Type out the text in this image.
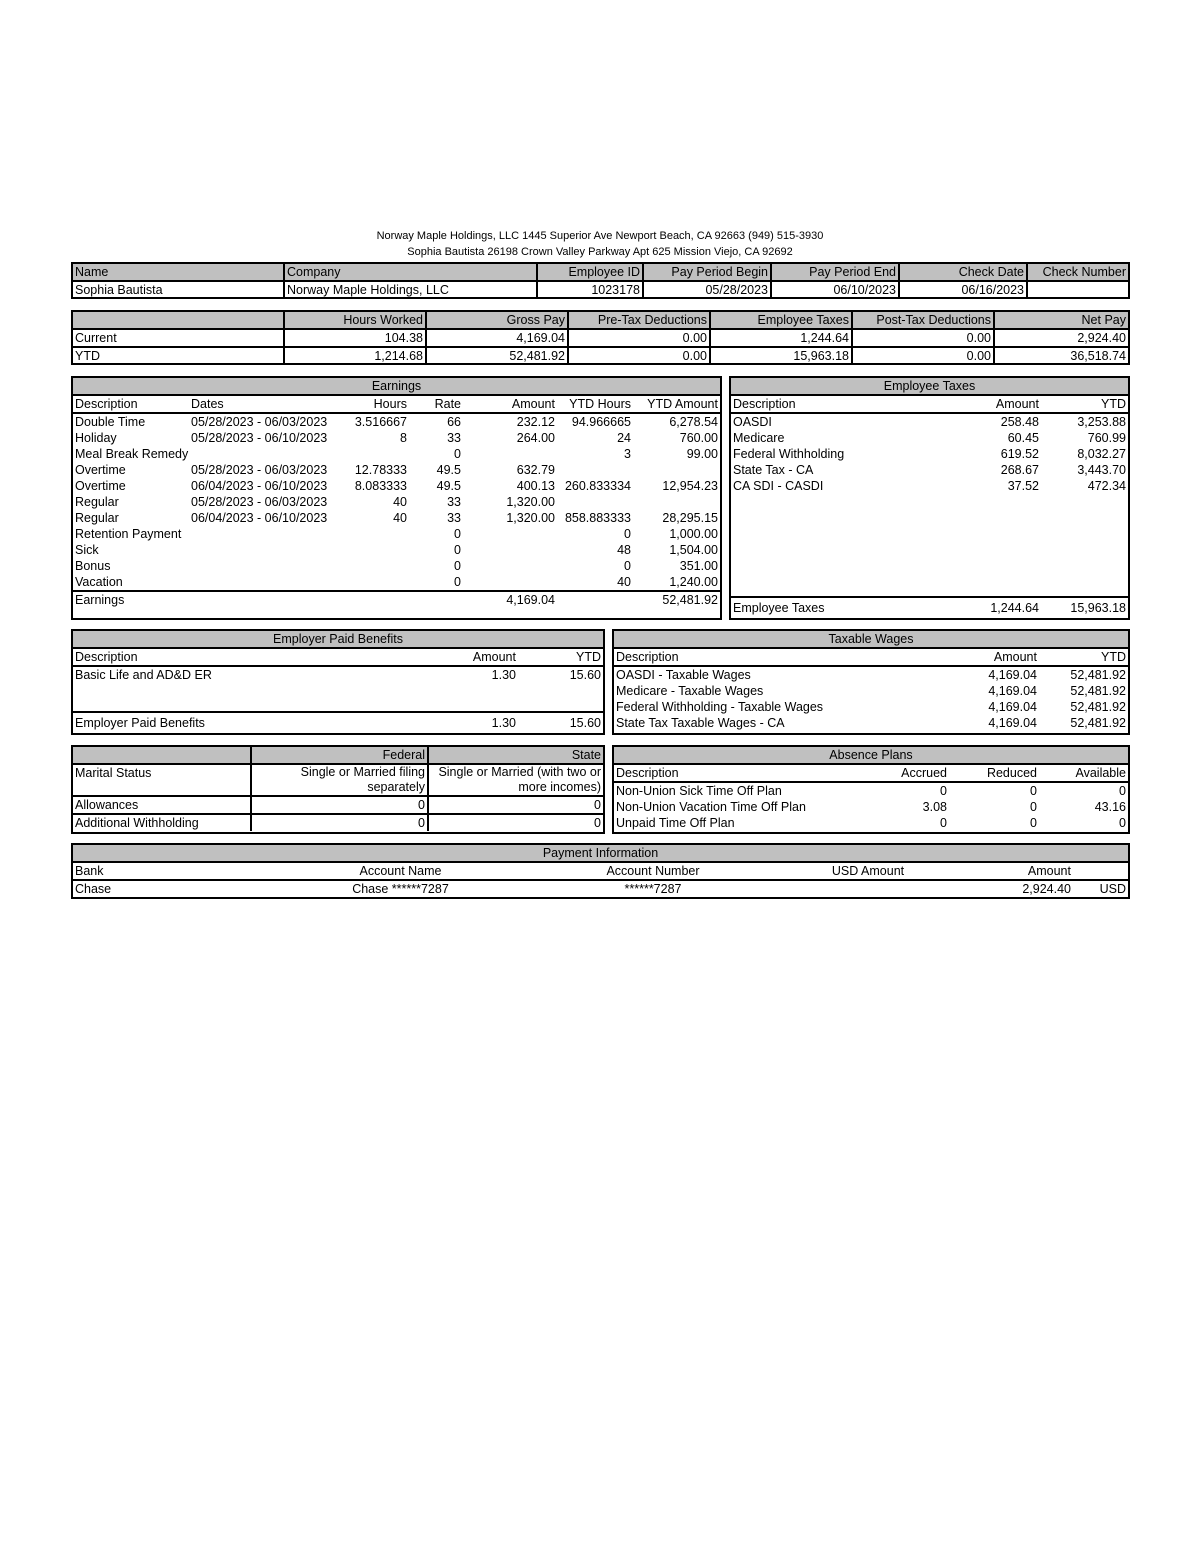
Norway Maple Holdings, LLC 1445 Superior Ave Newport Beach, CA 92663 (949) 515-3930
Sophia Bautista 26198 Crown Valley Parkway Apt 625 Mission Viejo, CA 92692
Name	Company	Employee ID	Pay Period Begin	Pay Period End	Check Date	Check Number
Sophia Bautista	Norway Maple Holdings, LLC	1023178	05/28/2023	06/10/2023	06/16/2023	
	Hours Worked	Gross Pay	Pre-Tax Deductions	Employee Taxes	Post-Tax Deductions	Net Pay
Current	104.38	4,169.04	0.00	1,244.64	0.00	2,924.40
YTD	1,214.68	52,481.92	0.00	15,963.18	0.00	36,518.74
Earnings						
Description	Dates	Hours	Rate	Amount	YTD Hours	YTD Amount
Double Time	05/28/2023 - 06/03/2023	3.516667	66	232.12	94.966665	6,278.54
Holiday	05/28/2023 - 06/10/2023	8	33	264.00	24	760.00
Meal Break Remedy			0		3	99.00
Overtime	05/28/2023 - 06/03/2023	12.78333	49.5	632.79		
Overtime	06/04/2023 - 06/10/2023	8.083333	49.5	400.13	260.833334	12,954.23
Regular	05/28/2023 - 06/03/2023	40	33	1,320.00		
Regular	06/04/2023 - 06/10/2023	40	33	1,320.00	858.883333	28,295.15
Retention Payment			0		0	1,000.00
Sick			0		48	1,504.00
Bonus			0		0	351.00
Vacation			0		40	1,240.00
Earnings				4,169.04		52,481.92
Employee Taxes		
Description	Amount	YTD
OASDI	258.48	3,253.88
Medicare	60.45	760.99
Federal Withholding	619.52	8,032.27
State Tax - CA	268.67	3,443.70
CA SDI - CASDI	37.52	472.34
Employee Taxes	1,244.64	15,963.18
Employer Paid Benefits		
Description	Amount	YTD
Basic Life and AD&D ER	1.30	15.60
Employer Paid Benefits	1.30	15.60
Taxable Wages		
Description	Amount	YTD
OASDI - Taxable Wages	4,169.04	52,481.92
Medicare - Taxable Wages	4,169.04	52,481.92
Federal Withholding - Taxable Wages	4,169.04	52,481.92
State Tax Taxable Wages - CA	4,169.04	52,481.92
	Federal	State
Marital Status	Single or Married filing separately	Single or Married (with two or more incomes)
Allowances	0	0
Additional Withholding	0	0
Absence Plans			
Description	Accrued	Reduced	Available
Non-Union Sick Time Off Plan	0	0	0
Non-Union Vacation Time Off Plan	3.08	0	43.16
Unpaid Time Off Plan	0	0	0
Payment Information					
Bank	Account Name	Account Number	USD Amount	Amount	
Chase	Chase ******7287	******7287		2,924.40	USD
